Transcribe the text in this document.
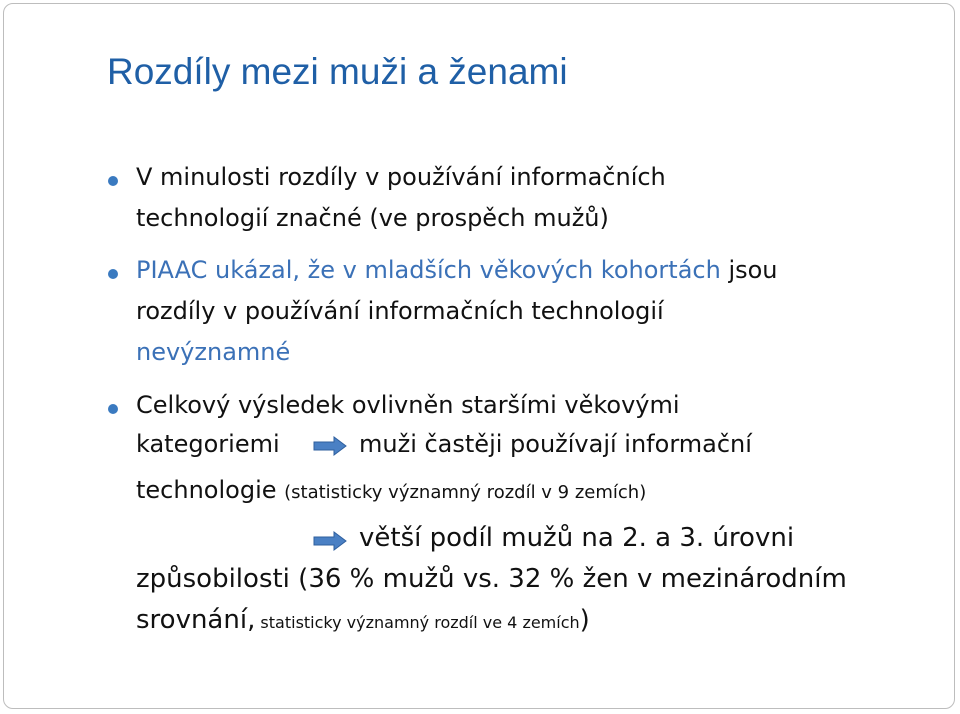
Rozdíly mezi muži a ženami
V minulosti rozdíly v používání informačních
technologií značné (ve prospěch mužů)
PIAAC ukázal, že v mladších věkových kohortách jsou
rozdíly v používání informačních technologií
nevýznamné
Celkový výsledek ovlivněn staršími věkovými
kategoriemi	muži častěji používají informační
technologie (statisticky významný rozdíl v 9 zemích)
větší podíl mužů na 2. a 3. úrovni
způsobilosti (36 % mužů vs. 32 % žen v mezinárodním
srovnání, statisticky významný rozdíl ve 4 zemích)
